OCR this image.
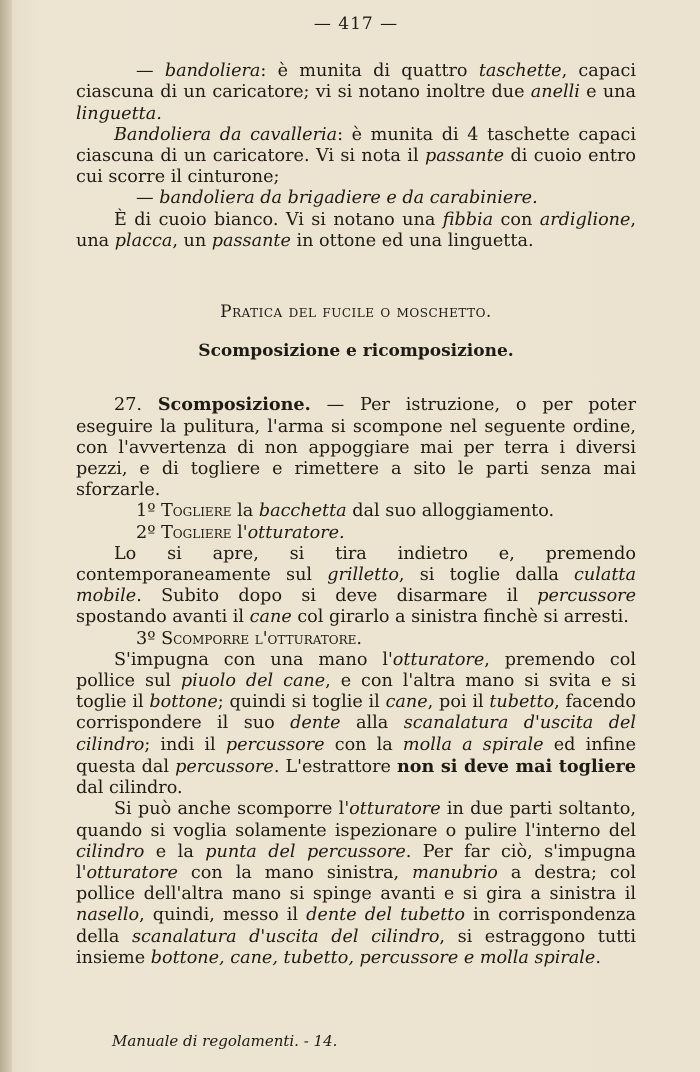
— 417 —

— bandoliera: è munita di quattro taschette, capaci ciascuna di un caricatore; vi si notano inoltre due anelli e una linguetta.

Bandoliera da cavalleria: è munita di 4 taschette capaci ciascuna di un caricatore. Vi si nota il passante di cuoio entro cui scorre il cinturone;

— bandoliera da brigadiere e da carabiniere.

È di cuoio bianco. Vi si notano una fibbia con ardiglione, una placca, un passante in ottone ed una linguetta.

Pratica del fucile o moschetto.
Scomposizione e ricomposizione.

27. Scomposizione. — Per istruzione, o per poter eseguire la pulitura, l'arma si scompone nel seguente ordine, con l'avvertenza di non appoggiare mai per terra i diversi pezzi, e di togliere e rimettere a sito le parti senza mai sforzarle.

1º Togliere la bacchetta dal suo alloggiamento.

2º Togliere l'otturatore.

Lo si apre, si tira indietro e, premendo contemporaneamente sul grilletto, si toglie dalla culatta mobile. Subito dopo si deve disarmare il percussore spostando avanti il cane col girarlo a sinistra finchè si arresti.

3º Scomporre l'otturatore.

S'impugna con una mano l'otturatore, premendo col pollice sul piuolo del cane, e con l'altra mano si svita e si toglie il bottone; quindi si toglie il cane, poi il tubetto, facendo corrispondere il suo dente alla scanalatura d'uscita del cilindro; indi il percussore con la molla a spirale ed infine questa dal percussore. L'estrattore non si deve mai togliere dal cilindro.

Si può anche scomporre l'otturatore in due parti soltanto, quando si voglia solamente ispezionare o pulire l'interno del cilindro e la punta del percussore. Per far ciò, s'impugna l'otturatore con la mano sinistra, manubrio a destra; col pollice dell'altra mano si spinge avanti e si gira a sinistra il nasello, quindi, messo il dente del tubetto in corrispondenza della scanalatura d'uscita del cilindro, si estraggono tutti insieme bottone, cane, tubetto, percussore e molla spirale.

Manuale di regolamenti. - 14.
